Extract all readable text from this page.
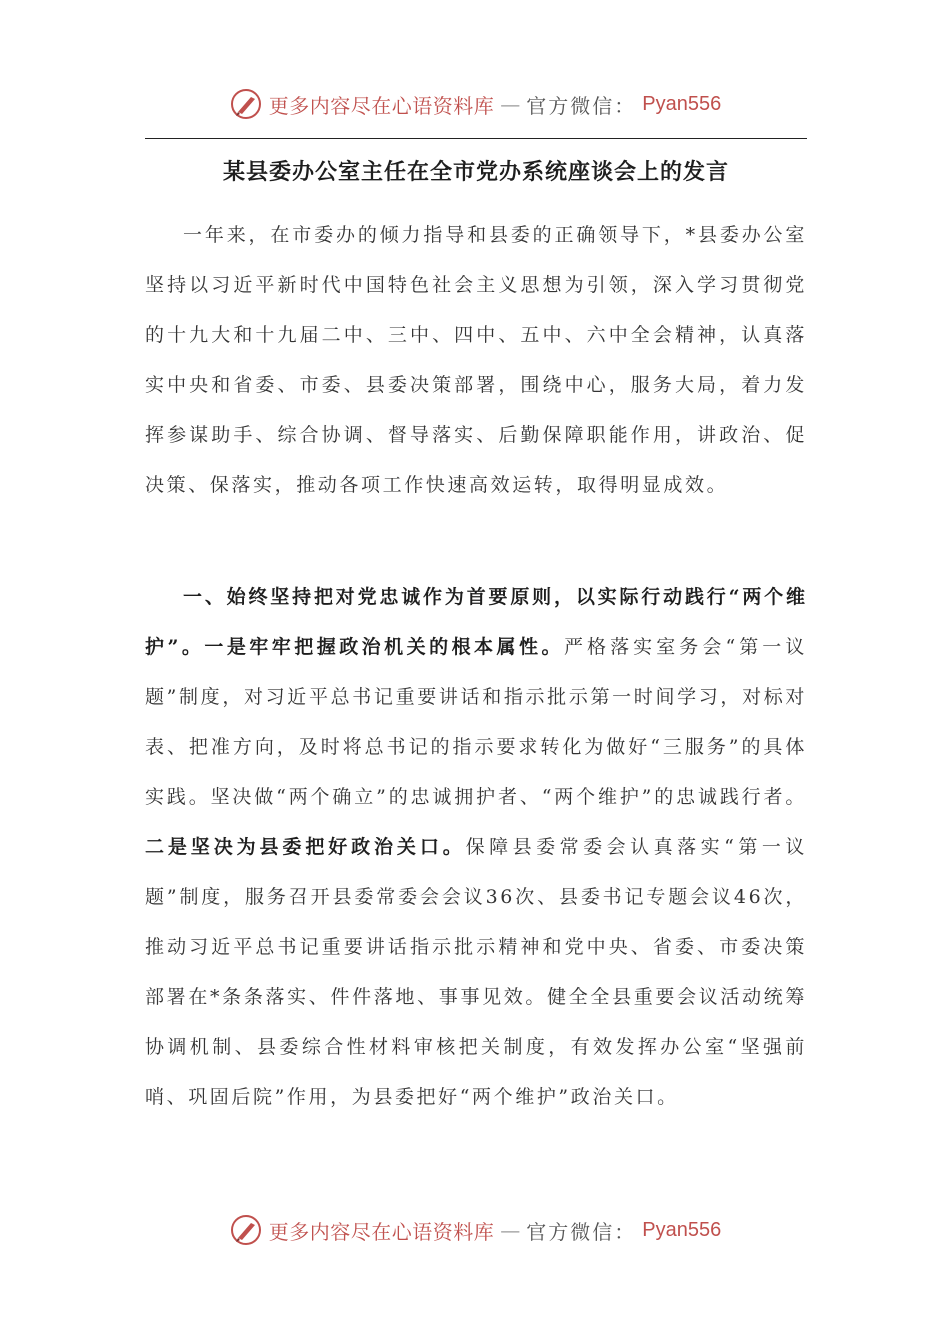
更多内容尽在心语资料库 — 官方微信： Pyan556
某县委办公室主任在全市党办系统座谈会上的发言

一年来，在市委办的倾力指导和县委的正确领导下，*县委办公室坚持以习近平新时代中国特色社会主义思想为引领，深入学习贯彻党的十九大和十九届二中、三中、四中、五中、六中全会精神，认真落实中央和省委、市委、县委决策部署，围绕中心，服务大局，着力发挥参谋助手、综合协调、督导落实、后勤保障职能作用，讲政治、促决策、保落实，推动各项工作快速高效运转，取得明显成效。

一、始终坚持把对党忠诚作为首要原则，以实际行动践行“两个维护”。一是牢牢把握政治机关的根本属性。严格落实室务会“第一议题”制度，对习近平总书记重要讲话和指示批示第一时间学习，对标对表、把准方向，及时将总书记的指示要求转化为做好“三服务”的具体实践。坚决做“两个确立”的忠诚拥护者、“两个维护”的忠诚践行者。二是坚决为县委把好政治关口。保障县委常委会认真落实“第一议题”制度，服务召开县委常委会会议36次、县委书记专题会议46次，推动习近平总书记重要讲话指示批示精神和党中央、省委、市委决策部署在*条条落实、件件落地、事事见效。健全全县重要会议活动统筹协调机制、县委综合性材料审核把关制度，有效发挥办公室“坚强前哨、巩固后院”作用，为县委把好“两个维护”政治关口。

更多内容尽在心语资料库 — 官方微信： Pyan556
